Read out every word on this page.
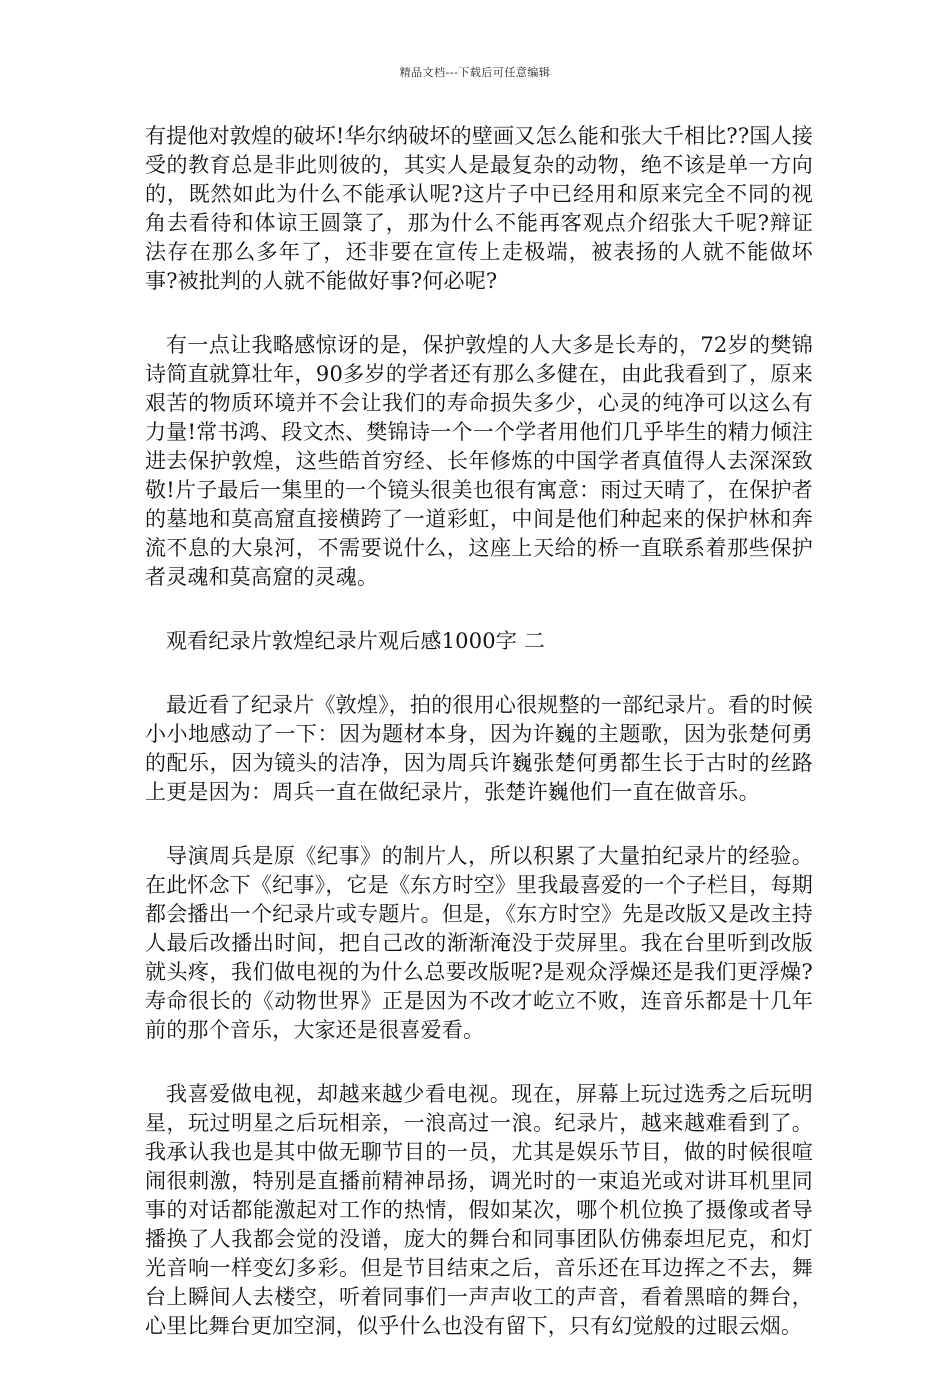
精品文档---下载后可任意编辑

有提他对敦煌的破坏!华尔纳破坏的壁画又怎么能和张大千相比??国人接受的教育总是非此则彼的，其实人是最复杂的动物，绝不该是单一方向的，既然如此为什么不能承认呢?这片子中已经用和原来完全不同的视角去看待和体谅王圆箓了，那为什么不能再客观点介绍张大千呢?辩证法存在那么多年了，还非要在宣传上走极端，被表扬的人就不能做坏事?被批判的人就不能做好事?何必呢?

有一点让我略感惊讶的是，保护敦煌的人大多是长寿的，72岁的樊锦诗简直就算壮年，90多岁的学者还有那么多健在，由此我看到了，原来艰苦的物质环境并不会让我们的寿命损失多少，心灵的纯净可以这么有力量!常书鸿、段文杰、樊锦诗一个一个学者用他们几乎毕生的精力倾注进去保护敦煌，这些皓首穷经、长年修炼的中国学者真值得人去深深致敬!片子最后一集里的一个镜头很美也很有寓意：雨过天晴了，在保护者的墓地和莫高窟直接横跨了一道彩虹，中间是他们种起来的保护林和奔流不息的大泉河，不需要说什么，这座上天给的桥一直联系着那些保护者灵魂和莫高窟的灵魂。

观看纪录片敦煌纪录片观后感1000字 二

最近看了纪录片《敦煌》，拍的很用心很规整的一部纪录片。看的时候小小地感动了一下：因为题材本身，因为许巍的主题歌，因为张楚何勇的配乐，因为镜头的洁净，因为周兵许巍张楚何勇都生长于古时的丝路上更是因为：周兵一直在做纪录片，张楚许巍他们一直在做音乐。

导演周兵是原《纪事》的制片人，所以积累了大量拍纪录片的经验。在此怀念下《纪事》，它是《东方时空》里我最喜爱的一个子栏目，每期都会播出一个纪录片或专题片。但是，《东方时空》先是改版又是改主持人最后改播出时间，把自己改的渐渐淹没于荧屏里。我在台里听到改版就头疼，我们做电视的为什么总要改版呢?是观众浮燥还是我们更浮燥?寿命很长的《动物世界》正是因为不改才屹立不败，连音乐都是十几年前的那个音乐，大家还是很喜爱看。

我喜爱做电视，却越来越少看电视。现在，屏幕上玩过选秀之后玩明星，玩过明星之后玩相亲，一浪高过一浪。纪录片，越来越难看到了。我承认我也是其中做无聊节目的一员，尤其是娱乐节目，做的时候很喧闹很刺激，特别是直播前精神昂扬，调光时的一束追光或对讲耳机里同事的对话都能激起对工作的热情，假如某次，哪个机位换了摄像或者导播换了人我都会觉的没谱，庞大的舞台和同事团队仿佛泰坦尼克，和灯光音响一样变幻多彩。但是节目结束之后，音乐还在耳边挥之不去，舞台上瞬间人去楼空，听着同事们一声声收工的声音，看着黑暗的舞台，心里比舞台更加空洞，似乎什么也没有留下，只有幻觉般的过眼云烟。
